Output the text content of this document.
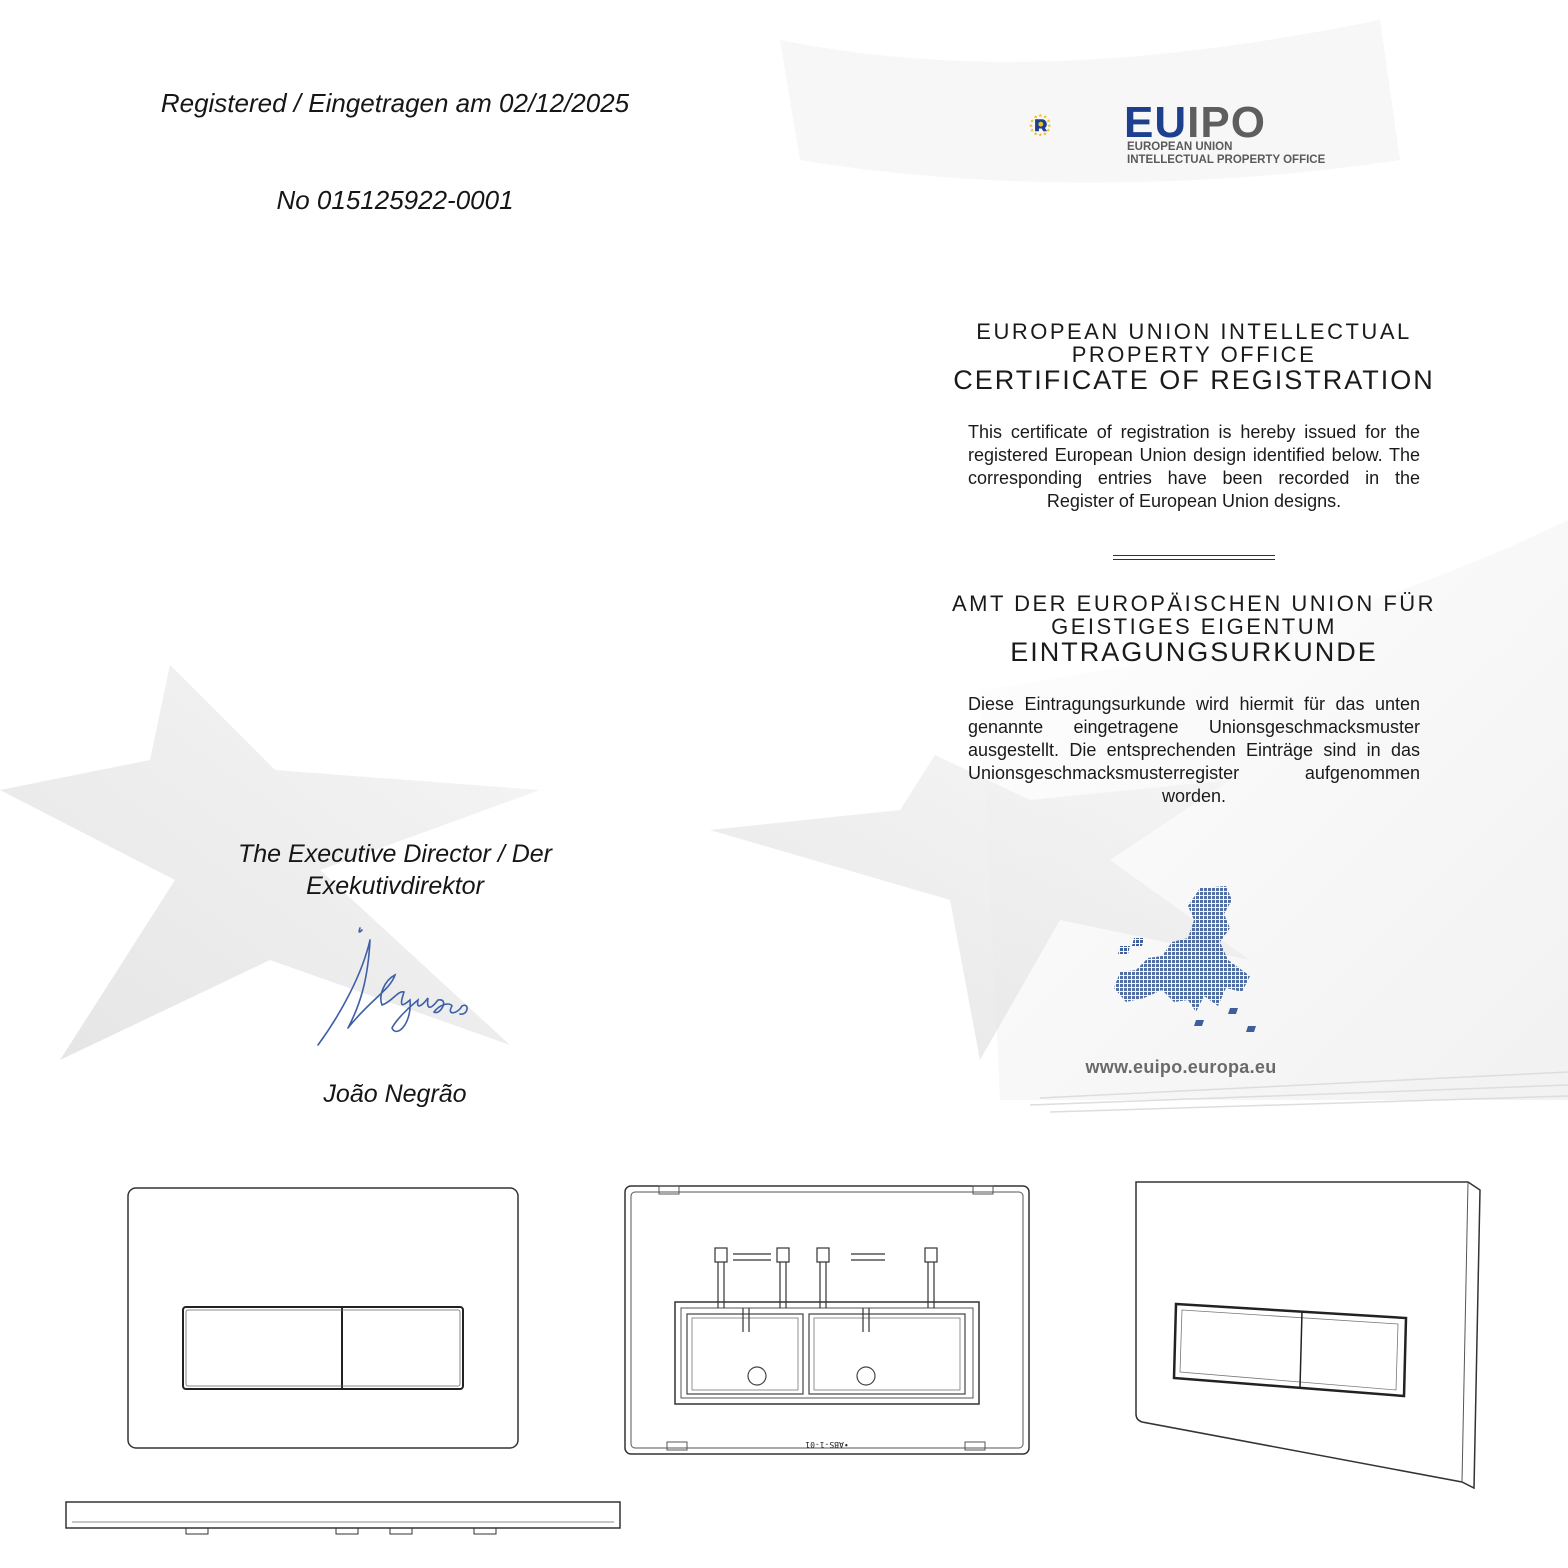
Registered / Eingetragen am 02/12/2025
No 015125922-0001
EUIPO
EUROPEAN UNION
INTELLECTUAL PROPERTY OFFICE
EUROPEAN UNION INTELLECTUAL
PROPERTY OFFICE
CERTIFICATE OF REGISTRATION
This certificate of registration is hereby issued for the registered European Union design identified below. The corresponding entries have been recorded in the Register of European Union designs.
AMT DER EUROPÄISCHEN UNION FÜR
GEISTIGES EIGENTUM
EINTRAGUNGSURKUNDE
Diese Eintragungsurkunde wird hiermit für das unten genannte eingetragene Unionsgeschmacksmuster ausgestellt. Die entsprechenden Einträge sind in das Unionsgeschmacksmusterregister aufgenommen worden.
The Executive Director / Der
Exekutivdirektor
João Negrão
www.euipo.europa.eu
•ABS-1-01
